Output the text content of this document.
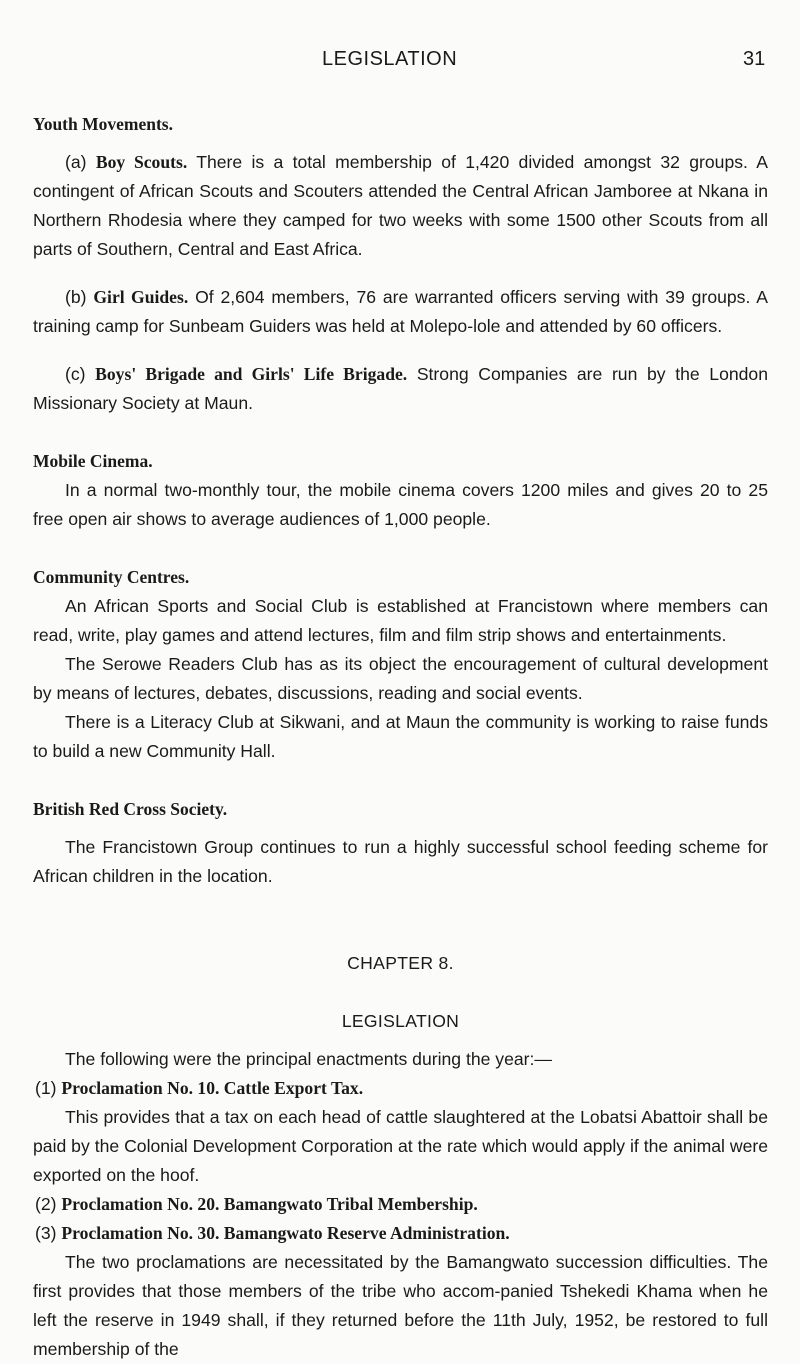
LEGISLATION	31
Youth Movements.

(a) Boy Scouts. There is a total membership of 1,420 divided amongst 32 groups. A contingent of African Scouts and Scouters attended the Central African Jamboree at Nkana in Northern Rhodesia where they camped for two weeks with some 1500 other Scouts from all parts of Southern, Central and East Africa.

(b) Girl Guides. Of 2,604 members, 76 are warranted officers serving with 39 groups. A training camp for Sunbeam Guiders was held at Molepo-lole and attended by 60 officers.

(c) Boys' Brigade and Girls' Life Brigade. Strong Companies are run by the London Missionary Society at Maun.

Mobile Cinema.

In a normal two-monthly tour, the mobile cinema covers 1200 miles and gives 20 to 25 free open air shows to average audiences of 1,000 people.

Community Centres.

An African Sports and Social Club is established at Francistown where members can read, write, play games and attend lectures, film and film strip shows and entertainments.

The Serowe Readers Club has as its object the encouragement of cultural development by means of lectures, debates, discussions, reading and social events.

There is a Literacy Club at Sikwani, and at Maun the community is working to raise funds to build a new Community Hall.

British Red Cross Society.

The Francistown Group continues to run a highly successful school feeding scheme for African children in the location.

CHAPTER 8.

LEGISLATION

The following were the principal enactments during the year:—

(1) Proclamation No. 10. Cattle Export Tax.

This provides that a tax on each head of cattle slaughtered at the Lobatsi Abattoir shall be paid by the Colonial Development Corporation at the rate which would apply if the animal were exported on the hoof.

(2) Proclamation No. 20. Bamangwato Tribal Membership.

(3) Proclamation No. 30. Bamangwato Reserve Administration.

The two proclamations are necessitated by the Bamangwato succession difficulties. The first provides that those members of the tribe who accom-panied Tshekedi Khama when he left the reserve in 1949 shall, if they returned before the 11th July, 1952, be restored to full membership of the
